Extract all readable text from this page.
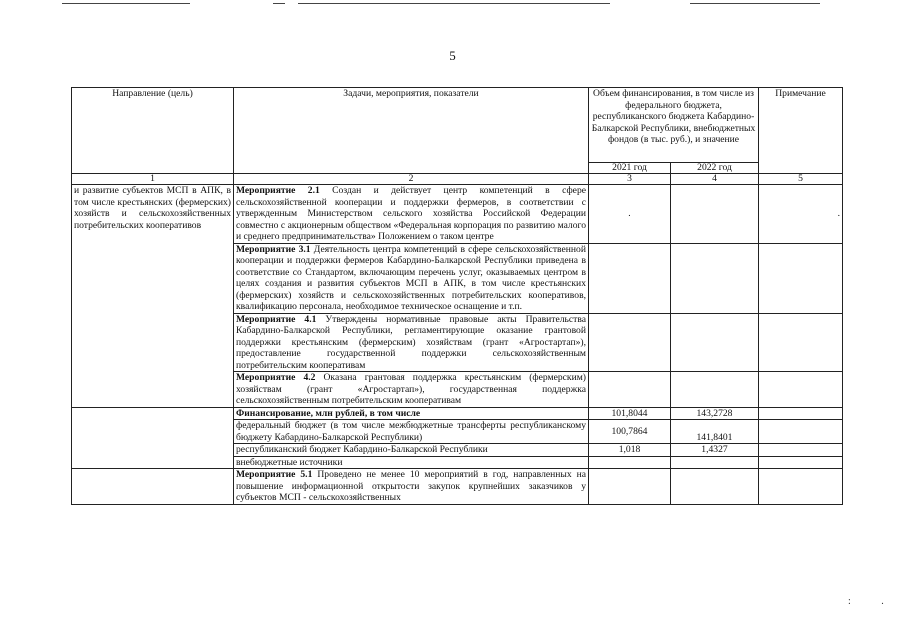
5
Направление (цель)	Задачи, мероприятия, показатели	Объем финансирования, в том числе из федерального бюджета, республиканского бюджета Кабардино-Балкарской Республики, внебюджетных фондов (в тыс. руб.), и значение		Примечание
		2021 год	2022 год	
1	2	3	4	5
и развитие субъектов МСП в АПК, в том числе крестьянских (фермерских) хозяйств и сельскохозяйственных потребительских кооперативов	Мероприятие 2.1 Создан и действует центр компетенций в сфере сельскохозяйственной кооперации и поддержки фермеров, в соответствии с утвержденным Министерством сельского хозяйства Российской Федерации совместно с акционерным обществом «Федеральная корпорация по развитию малого и среднего предпринимательства» Положением о таком центре	.		.
	Мероприятие 3.1 Деятельность центра компетенций в сфере сельскохозяйственной кооперации и поддержки фермеров Кабардино-Балкарской Республики приведена в соответствие со Стандартом, включающим перечень услуг, оказываемых центром в целях создания и развития субъектов МСП в АПК, в том числе крестьянских (фермерских) хозяйств и сельскохозяйственных потребительских кооперативов, квалификацию персонала, необходимое техническое оснащение и т.п.			
	Мероприятие 4.1 Утверждены нормативные правовые акты Правительства Кабардино-Балкарской Республики, регламентирующие оказание грантовой поддержки крестьянским (фермерским) хозяйствам (грант «Агростартап»), предоставление государственной поддержки сельскохозяйственным потребительским кооперативам			
	Мероприятие 4.2 Оказана грантовая поддержка крестьянским (фермерским) хозяйствам (грант «Агростартап»), государственная поддержка сельскохозяйственным потребительским кооперативам			
	Финансирование, млн рублей, в том числе	101,8044	143,2728	
	федеральный бюджет (в том числе межбюджетные трансферты республиканскому бюджету Кабардино-Балкарской Республики)	100,7864	141,8401	
	республиканский бюджет Кабардино-Балкарской Республики	1,018	1,4327	
	внебюджетные источники			
	Мероприятие 5.1 Проведено не менее 10 мероприятий в год, направленных на повышение информационной открытости закупок крупнейших заказчиков у субъектов МСП - сельскохозяйственных			
: .
